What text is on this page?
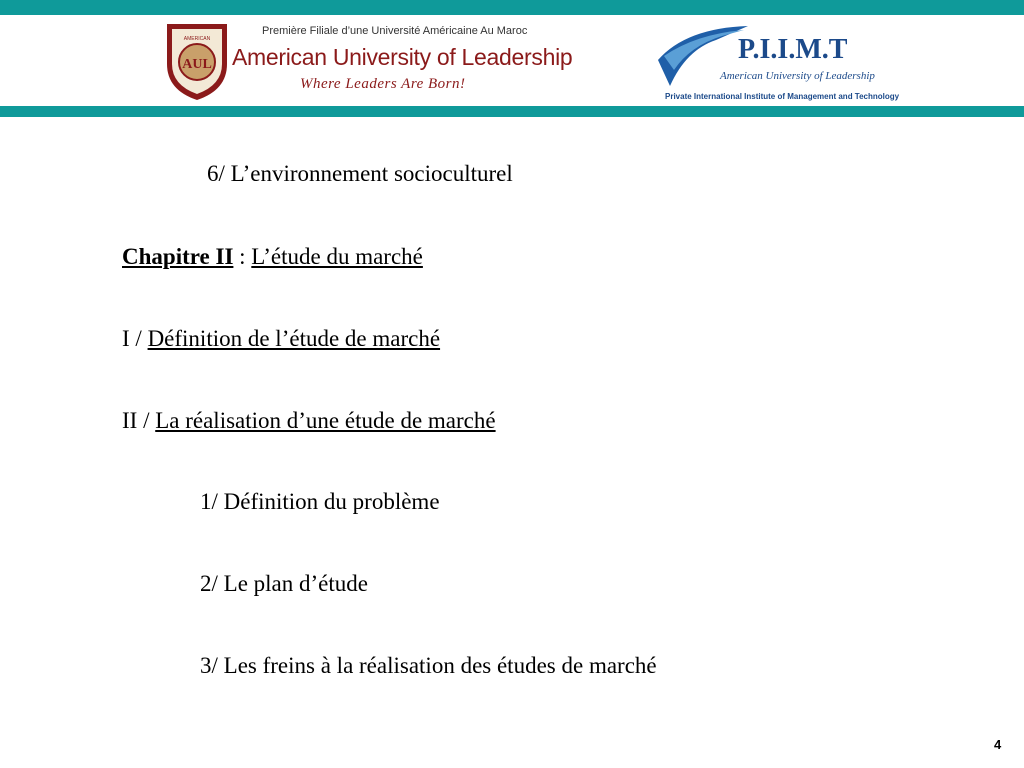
AUL
AMERICAN
Première Filiale d’une Université Américaine Au Maroc
American University of Leadership
Where Leaders Are Born!
P.I.I.M.T
American University of Leadership
Private International Institute of Management and Technology
6/ L’environnement socioculturel
Chapitre II : L’étude du marché
I / Définition de l’étude de marché
II / La réalisation d’une étude de marché
1/ Définition du problème
2/ Le plan d’étude
3/ Les freins à la réalisation des études de marché
4
